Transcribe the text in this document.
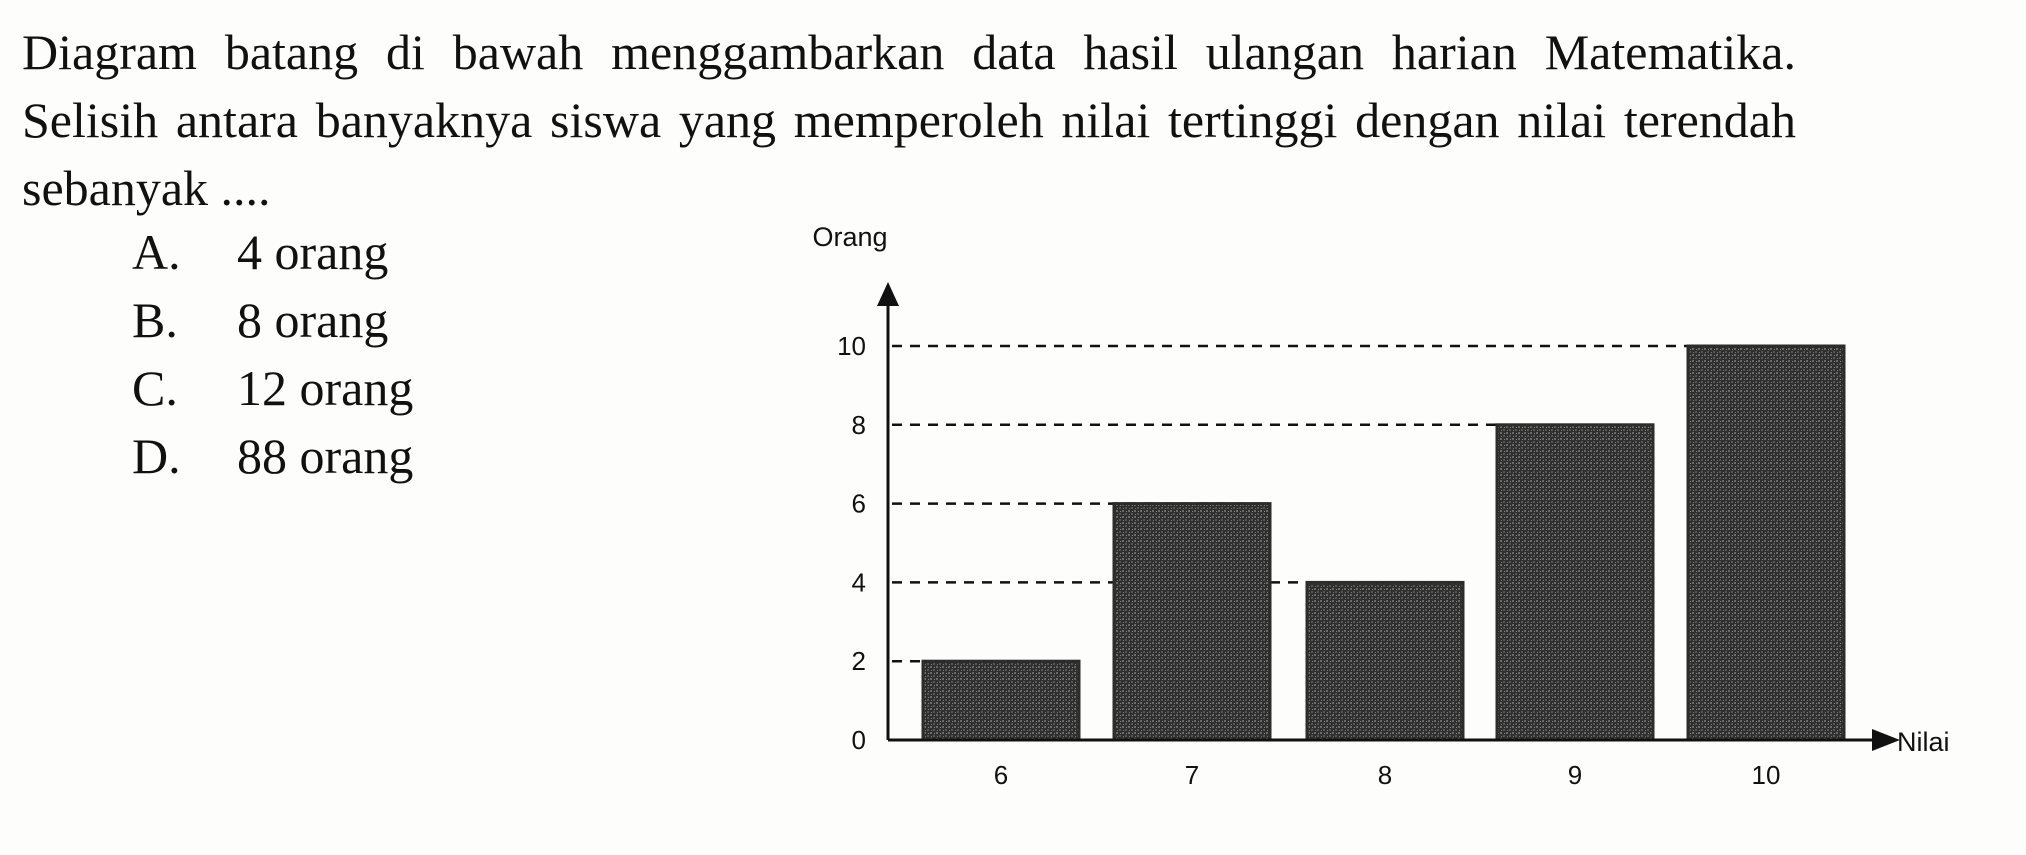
Diagram batang di bawah menggambarkan data hasil ulangan harian Matematika. Selisih antara banyaknya siswa yang memperoleh nilai tertinggi dengan nilai terendah sebanyak ....
A.	4 orang
B.	8 orang
C.	12 orang
D.	88 orang
0
2
4
6
8
10
6	7	8	9	10
Orang
Nilai
